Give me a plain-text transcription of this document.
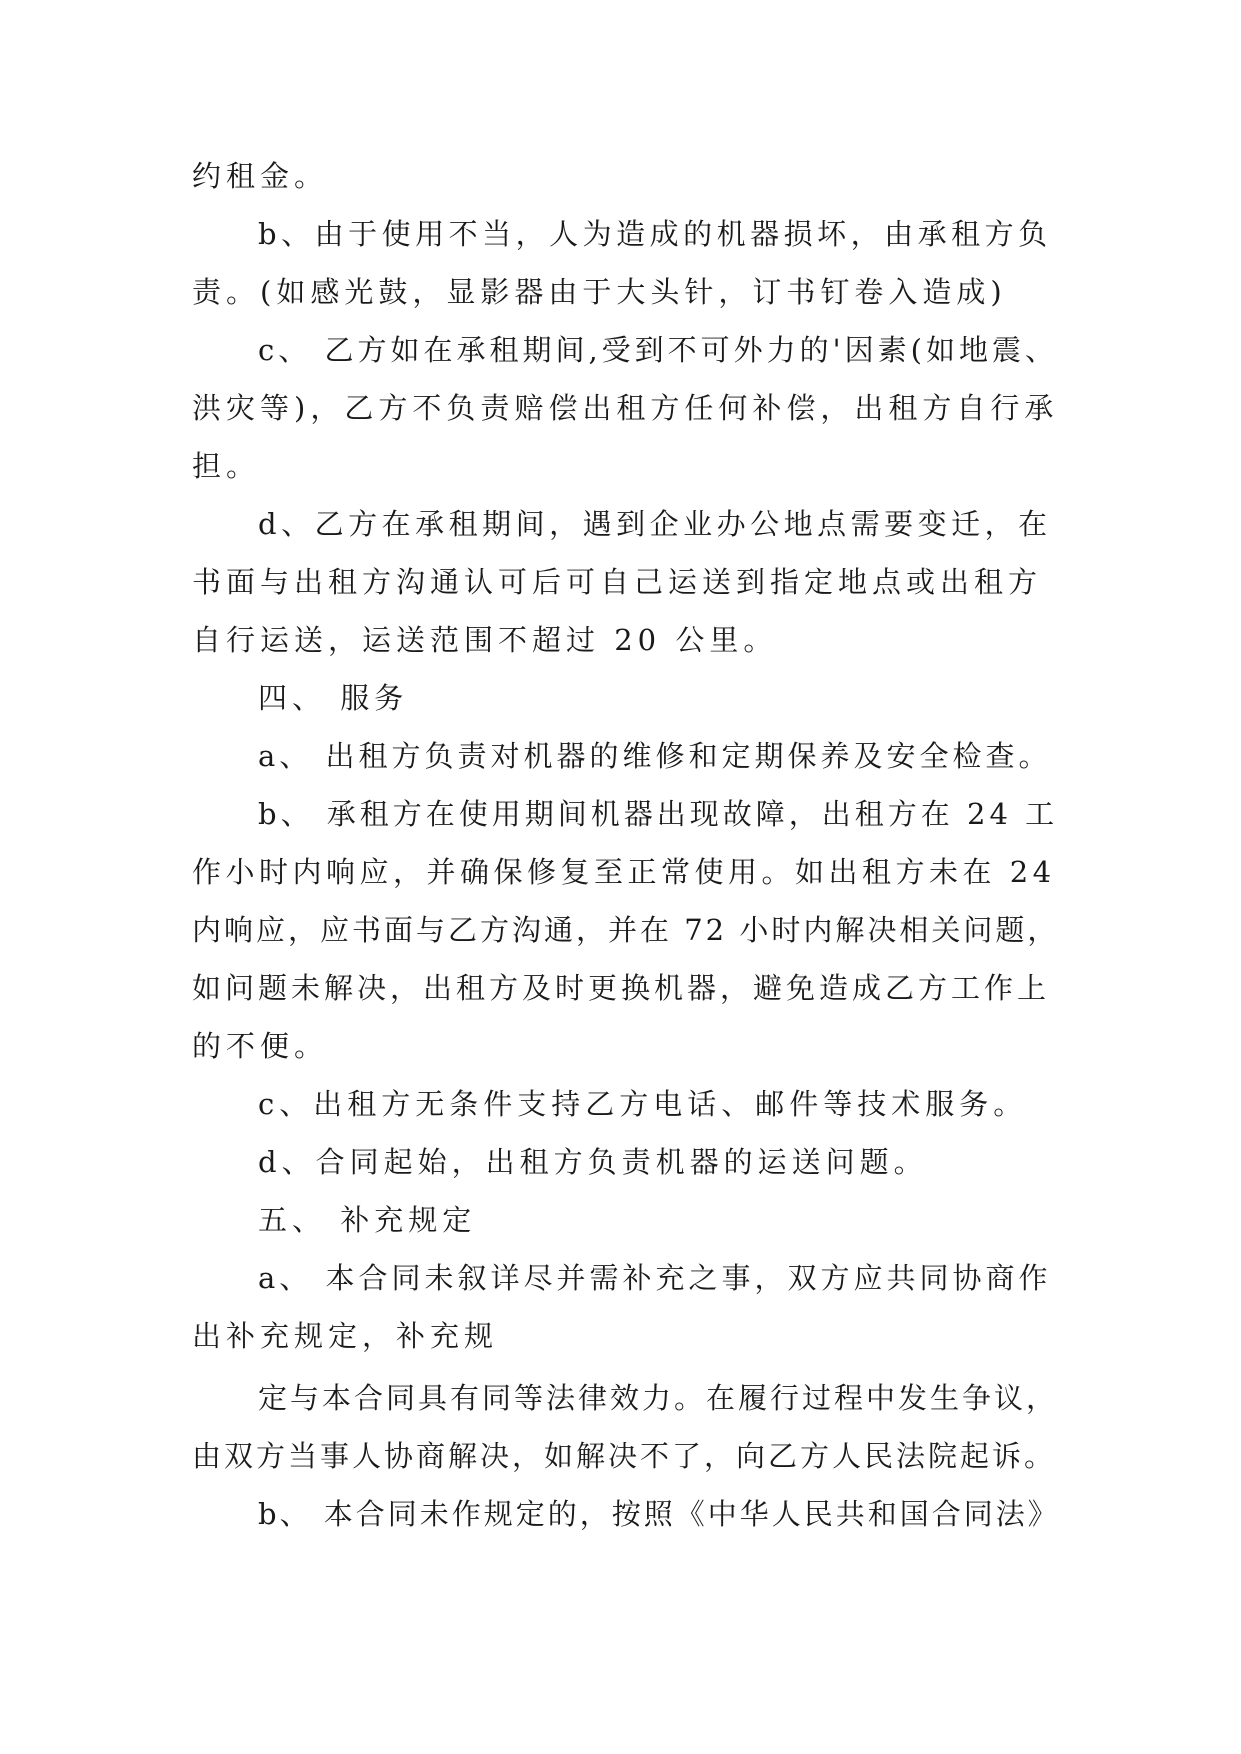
约租金。
b、由于使用不当，人为造成的机器损坏，由承租方负
责。(如感光鼓，显影器由于大头针，订书钉卷入造成)
c、 乙方如在承租期间,受到不可外力的'因素(如地震、
洪灾等)，乙方不负责赔偿出租方任何补偿，出租方自行承
担。
d、乙方在承租期间，遇到企业办公地点需要变迁，在
书面与出租方沟通认可后可自己运送到指定地点或出租方
自行运送，运送范围不超过 20 公里。
四、 服务
a、 出租方负责对机器的维修和定期保养及安全检查。
b、 承租方在使用期间机器出现故障，出租方在 24 工
作小时内响应，并确保修复至正常使用。如出租方未在 24
内响应，应书面与乙方沟通，并在 72 小时内解决相关问题，
如问题未解决，出租方及时更换机器，避免造成乙方工作上
的不便。
c、出租方无条件支持乙方电话、邮件等技术服务。
d、合同起始，出租方负责机器的运送问题。
五、 补充规定
a、 本合同未叙详尽并需补充之事，双方应共同协商作
出补充规定，补充规
定与本合同具有同等法律效力。在履行过程中发生争议，
由双方当事人协商解决，如解决不了，向乙方人民法院起诉。
b、 本合同未作规定的，按照《中华人民共和国合同法》
